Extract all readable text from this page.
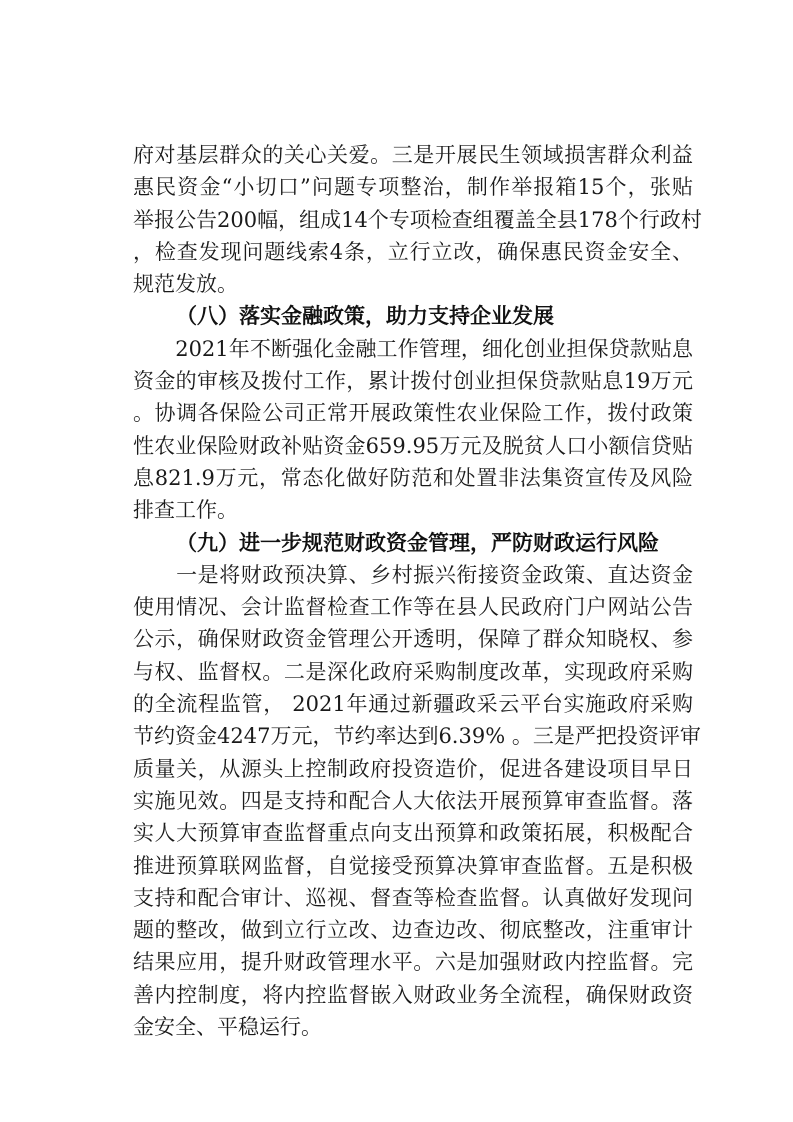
府对基层群众的关心关爱。三是开展民生领域损害群众利益
惠民资金“小切口”问题专项整治，制作举报箱15个，张贴
举报公告200幅，组成14个专项检查组覆盖全县178个行政村
，检查发现问题线索4条，立行立改，确保惠民资金安全、
规范发放。
（八）落实金融政策，助力支持企业发展
　　2021年不断强化金融工作管理，细化创业担保贷款贴息
资金的审核及拨付工作，累计拨付创业担保贷款贴息19万元
。协调各保险公司正常开展政策性农业保险工作，拨付政策
性农业保险财政补贴资金659.95万元及脱贫人口小额信贷贴
息821.9万元，常态化做好防范和处置非法集资宣传及风险
排查工作。
（九）进一步规范财政资金管理，严防财政运行风险
　　一是将财政预决算、乡村振兴衔接资金政策、直达资金
使用情况、会计监督检查工作等在县人民政府门户网站公告
公示，确保财政资金管理公开透明，保障了群众知晓权、参
与权、监督权。二是深化政府采购制度改革，实现政府采购
的全流程监管， 2021年通过新疆政采云平台实施政府采购
节约资金4247万元，节约率达到6.39% 。三是严把投资评审
质量关，从源头上控制政府投资造价，促进各建设项目早日
实施见效。四是支持和配合人大依法开展预算审查监督。落
实人大预算审查监督重点向支出预算和政策拓展，积极配合
推进预算联网监督，自觉接受预算决算审查监督。五是积极
支持和配合审计、巡视、督查等检查监督。认真做好发现问
题的整改，做到立行立改、边查边改、彻底整改，注重审计
结果应用，提升财政管理水平。六是加强财政内控监督。完
善内控制度，将内控监督嵌入财政业务全流程，确保财政资
金安全、平稳运行。
